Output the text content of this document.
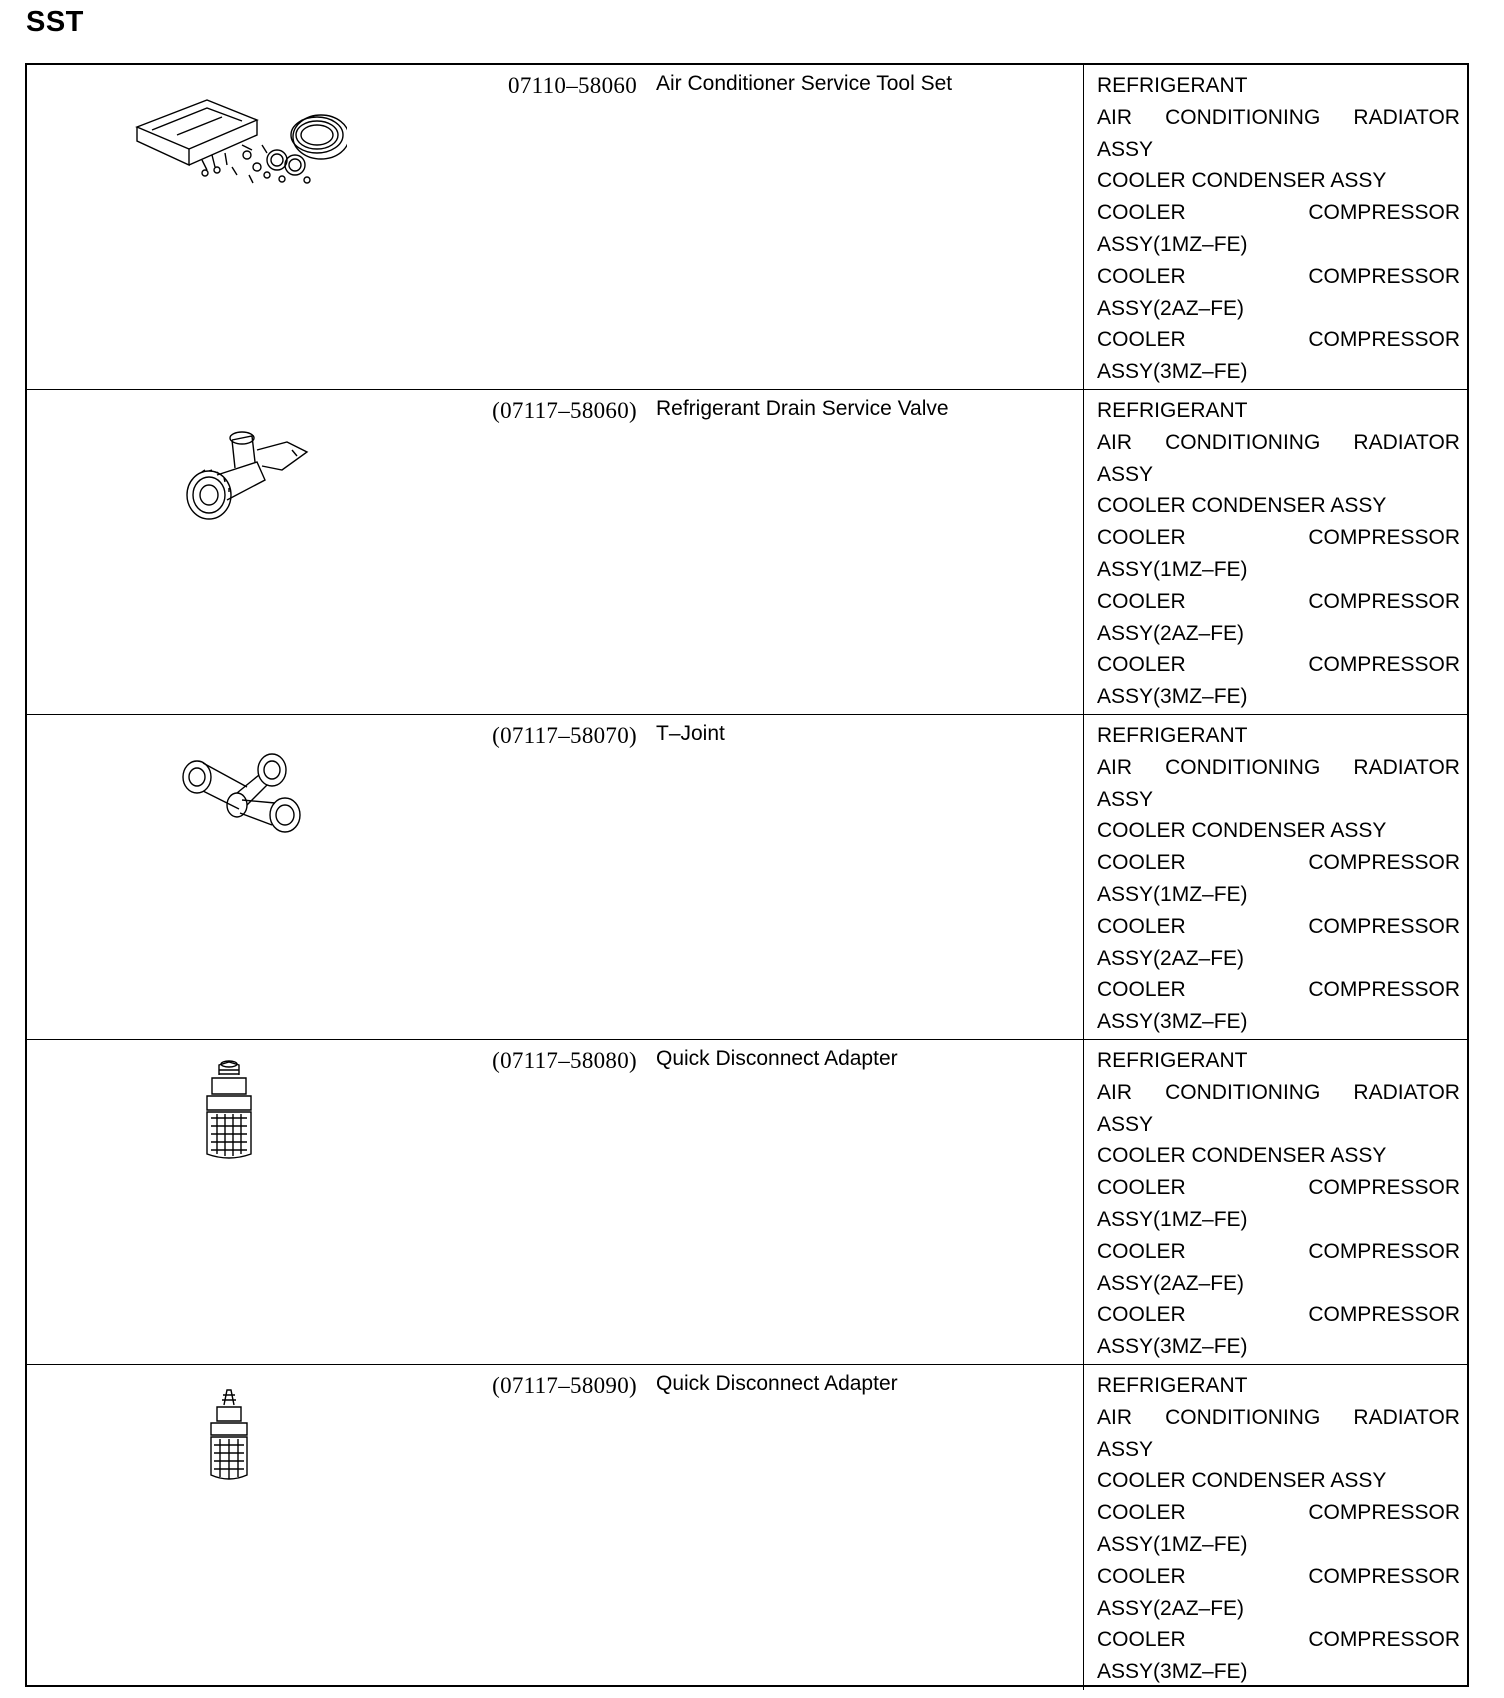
SST
07110–58060 Air Conditioner Service Tool Set	REFRIGERANT
AIR CONDITIONING RADIATOR
ASSY
COOLER CONDENSER ASSY
COOLER	COMPRESSOR
ASSY(1MZ–FE)
COOLER	COMPRESSOR
ASSY(2AZ–FE)
COOLER	COMPRESSOR
ASSY(3MZ–FE)
(07117–58060) Refrigerant Drain Service Valve	REFRIGERANT
AIR CONDITIONING RADIATOR
ASSY
COOLER CONDENSER ASSY
COOLER	COMPRESSOR
ASSY(1MZ–FE)
COOLER	COMPRESSOR
ASSY(2AZ–FE)
COOLER	COMPRESSOR
ASSY(3MZ–FE)
(07117–58070) T–Joint	REFRIGERANT
AIR CONDITIONING RADIATOR
ASSY
COOLER CONDENSER ASSY
COOLER	COMPRESSOR
ASSY(1MZ–FE)
COOLER	COMPRESSOR
ASSY(2AZ–FE)
COOLER	COMPRESSOR
ASSY(3MZ–FE)
(07117–58080) Quick Disconnect Adapter	REFRIGERANT
AIR CONDITIONING RADIATOR
ASSY
COOLER CONDENSER ASSY
COOLER	COMPRESSOR
ASSY(1MZ–FE)
COOLER	COMPRESSOR
ASSY(2AZ–FE)
COOLER	COMPRESSOR
ASSY(3MZ–FE)
(07117–58090) Quick Disconnect Adapter	REFRIGERANT
AIR CONDITIONING RADIATOR
ASSY
COOLER CONDENSER ASSY
COOLER	COMPRESSOR
ASSY(1MZ–FE)
COOLER	COMPRESSOR
ASSY(2AZ–FE)
COOLER	COMPRESSOR
ASSY(3MZ–FE)
